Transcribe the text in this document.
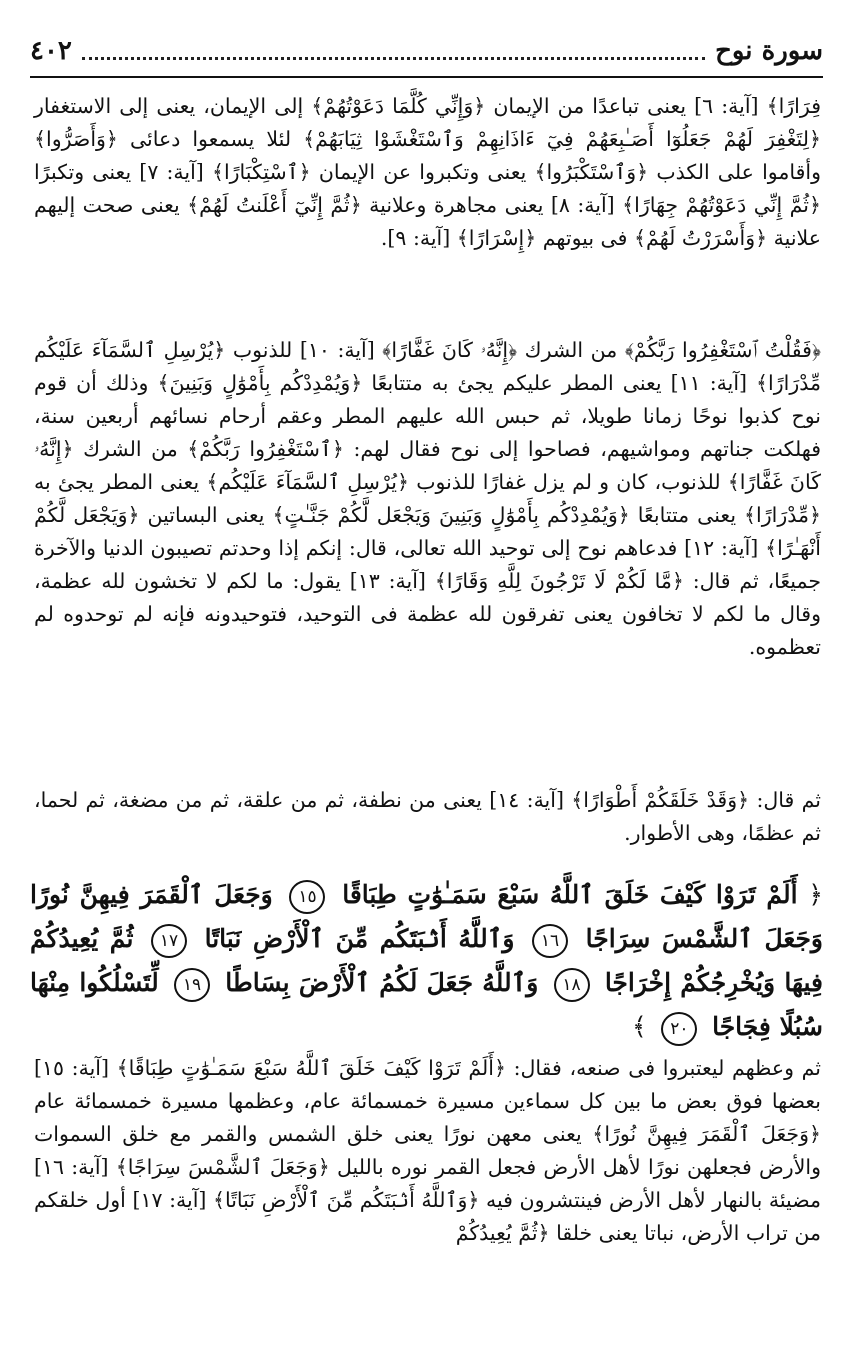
٤٠٢	سورة نوح

فِرَارًا﴾ [آية: ٦] يعنى تباعدًا من الإيمان ﴿وَإِنِّي كُلَّمَا دَعَوْتُهُمْ﴾ إلى الإيمان، يعنى إلى الاستغفار ﴿لِتَغْفِرَ لَهُمْ جَعَلُوٓا أَصَـٰبِعَهُمْ فِيٓ ءَاذَانِهِمْ وَٱسْتَغْشَوْا ثِيَابَهُمْ﴾ لئلا يسمعوا دعائى ﴿وَأَصَرُّوا﴾ وأقاموا على الكذب ﴿وَٱسْتَكْبَرُوا﴾ يعنى وتكبروا عن الإيمان ﴿ٱسْتِكْبَارًا﴾ [آية: ٧] يعنى وتكبرًا ﴿ثُمَّ إِنِّي دَعَوْتُهُمْ جِهَارًا﴾ [آية: ٨] يعنى مجاهرة وعلانية ﴿ثُمَّ إِنِّيٓ أَعْلَنتُ لَهُمْ﴾ يعنى صحت إليهم علانية ﴿وَأَسْرَرْتُ لَهُمْ﴾ فى بيوتهم ﴿إِسْرَارًا﴾ [آية: ٩].

﴿فَقُلْتُ ٱسْتَغْفِرُوا رَبَّكُمْ﴾ من الشرك ﴿إِنَّهُۥ كَانَ غَفَّارًا﴾ [آية: ١٠] للذنوب ﴿يُرْسِلِ ٱلسَّمَآءَ عَلَيْكُم مِّدْرَارًا﴾ [آية: ١١] يعنى المطر عليكم يجئ به متتابعًا ﴿وَيُمْدِدْكُم بِأَمْوَٰلٍ وَبَنِينَ﴾ وذلك أن قوم نوح كذبوا نوحًا زمانا طويلا، ثم حبس الله عليهم المطر وعقم أرحام نسائهم أربعين سنة، فهلكت جناتهم ومواشيهم، فصاحوا إلى نوح فقال لهم: ﴿ٱسْتَغْفِرُوا رَبَّكُمْ﴾ من الشرك ﴿إِنَّهُۥ كَانَ غَفَّارًا﴾ للذنوب، كان و لم يزل غفارًا للذنوب ﴿يُرْسِلِ ٱلسَّمَآءَ عَلَيْكُم﴾ يعنى المطر يجئ به ﴿مِّدْرَارًا﴾ يعنى متتابعًا ﴿وَيُمْدِدْكُم بِأَمْوَٰلٍ وَبَنِينَ وَيَجْعَل لَّكُمْ جَنَّـٰتٍ﴾ يعنى البساتين ﴿وَيَجْعَل لَّكُمْ أَنْهَـٰرًا﴾ [آية: ١٢] فدعاهم نوح إلى توحيد الله تعالى، قال: إنكم إذا وحدتم تصيبون الدنيا والآخرة جميعًا، ثم قال: ﴿مَّا لَكُمْ لَا تَرْجُونَ لِلَّهِ وَقَارًا﴾ [آية: ١٣] يقول: ما لكم لا تخشون لله عظمة، وقال ما لكم لا تخافون يعنى تفرقون لله عظمة فى التوحيد، فتوحيدونه فإنه لم توحدوه لم تعظموه.

ثم قال: ﴿وَقَدْ خَلَقَكُمْ أَطْوَارًا﴾ [آية: ١٤] يعنى من نطفة، ثم من علقة، ثم من مضغة، ثم لحما، ثم عظمًا، وهى الأطوار.

﴿ أَلَمْ تَرَوْا كَيْفَ خَلَقَ ٱللَّهُ سَبْعَ سَمَـٰوَٰتٍ طِبَاقًا ١٥ وَجَعَلَ ٱلْقَمَرَ فِيهِنَّ نُورًا وَجَعَلَ ٱلشَّمْسَ سِرَاجًا ١٦ وَٱللَّهُ أَنۢبَتَكُم مِّنَ ٱلْأَرْضِ نَبَاتًا ١٧ ثُمَّ يُعِيدُكُمْ فِيهَا وَيُخْرِجُكُمْ إِخْرَاجًا ١٨ وَٱللَّهُ جَعَلَ لَكُمُ ٱلْأَرْضَ بِسَاطًا ١٩ لِّتَسْلُكُوا مِنْهَا سُبُلًا فِجَاجًا ٢٠ ﴾

ثم وعظهم ليعتبروا فى صنعه، فقال: ﴿أَلَمْ تَرَوْا كَيْفَ خَلَقَ ٱللَّهُ سَبْعَ سَمَـٰوَٰتٍ طِبَاقًا﴾ [آية: ١٥] بعضها فوق بعض ما بين كل سماءين مسيرة خمسمائة عام، وعظمها مسيرة خمسمائة عام ﴿وَجَعَلَ ٱلْقَمَرَ فِيهِنَّ نُورًا﴾ يعنى معهن نورًا يعنى خلق الشمس والقمر مع خلق السموات والأرض فجعلهن نورًا لأهل الأرض فجعل القمر نوره بالليل ﴿وَجَعَلَ ٱلشَّمْسَ سِرَاجًا﴾ [آية: ١٦] مضيئة بالنهار لأهل الأرض فينتشرون فيه ﴿وَٱللَّهُ أَنۢبَتَكُم مِّنَ ٱلْأَرْضِ نَبَاتًا﴾ [آية: ١٧] أول خلقكم من تراب الأرض، نباتا يعنى خلقا ﴿ثُمَّ يُعِيدُكُمْ
